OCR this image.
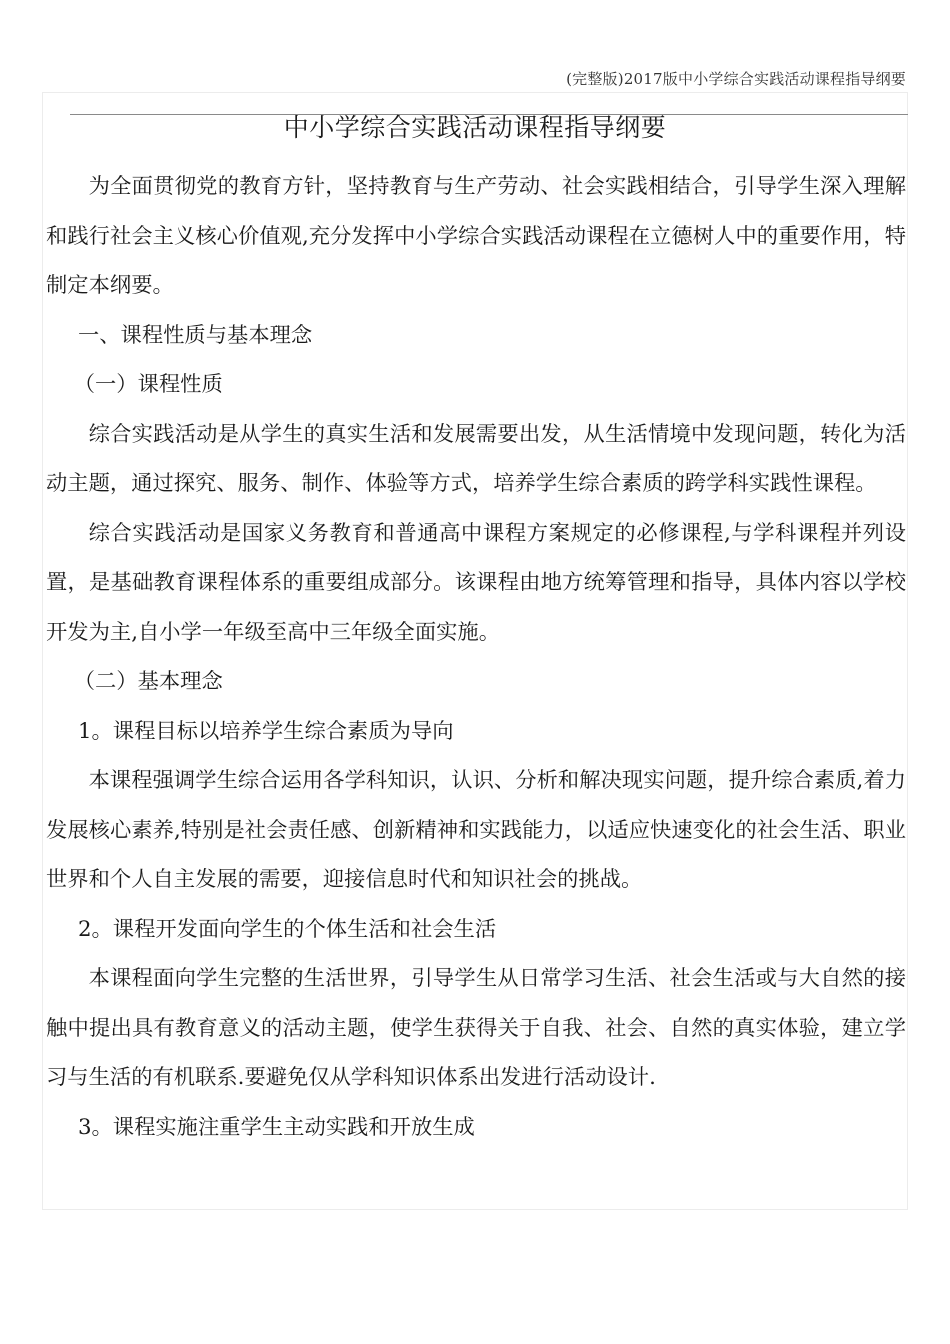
(完整版)2017版中小学综合实践活动课程指导纲要
中小学综合实践活动课程指导纲要

为全面贯彻党的教育方针，坚持教育与生产劳动、社会实践相结合，引导学生深入理解和践行社会主义核心价值观,充分发挥中小学综合实践活动课程在立德树人中的重要作用，特制定本纲要。

一、课程性质与基本理念

（一）课程性质

综合实践活动是从学生的真实生活和发展需要出发，从生活情境中发现问题，转化为活动主题，通过探究、服务、制作、体验等方式，培养学生综合素质的跨学科实践性课程。

综合实践活动是国家义务教育和普通高中课程方案规定的必修课程,与学科课程并列设置，是基础教育课程体系的重要组成部分。该课程由地方统筹管理和指导，具体内容以学校开发为主,自小学一年级至高中三年级全面实施。

（二）基本理念

1。课程目标以培养学生综合素质为导向

本课程强调学生综合运用各学科知识，认识、分析和解决现实问题，提升综合素质,着力发展核心素养,特别是社会责任感、创新精神和实践能力，以适应快速变化的社会生活、职业世界和个人自主发展的需要，迎接信息时代和知识社会的挑战。

2。课程开发面向学生的个体生活和社会生活

本课程面向学生完整的生活世界，引导学生从日常学习生活、社会生活或与大自然的接触中提出具有教育意义的活动主题，使学生获得关于自我、社会、自然的真实体验，建立学习与生活的有机联系.要避免仅从学科知识体系出发进行活动设计.

3。课程实施注重学生主动实践和开放生成
